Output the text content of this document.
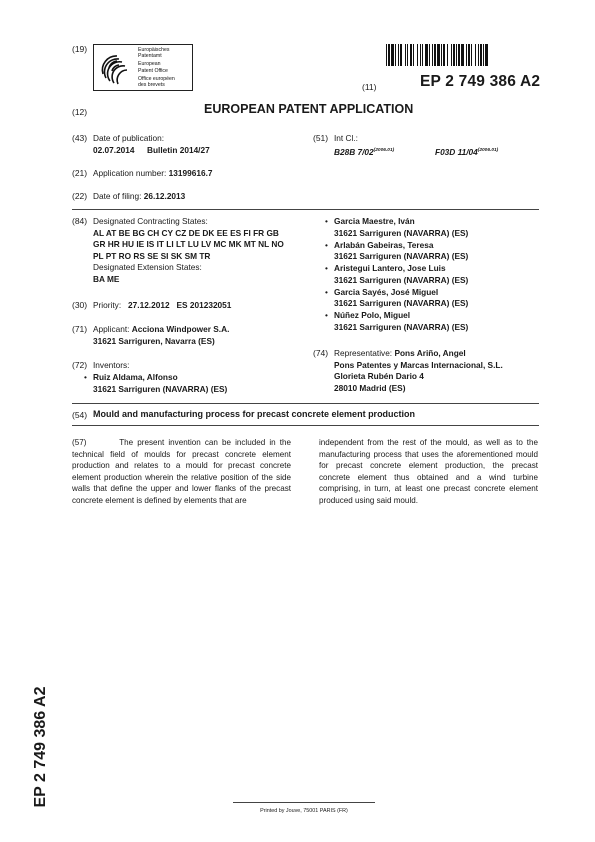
(19)	Europäisches
Patentamt
European
Patent Office
Office européen
des brevets	(11)	EP 2 749 386 A2
(12)	EUROPEAN PATENT APPLICATION
(43) Date of publication:
02.07.2014 Bulletin 2014/27
(51) Int Cl.:
B28B $7/02^{(2006.01)}$	F03D $11/04^{(2006.01)}$
(21) Application number: 13199616.7
(22) Date of filing: 26.12.2013
(84) Designated Contracting States:
AL AT BE BG CH CY CZ DE DK EE ES FI FR GB
GR HR HU IE IS IT LI LT LU LV MC MK MT NL NO
PL PT RO RS SE SI SK SM TR
Designated Extension States:
BA ME
(30) Priority: 27.12.2012 ES 201232051
(71) Applicant: Acciona Windpower S.A.
31621 Sarriguren, Navarra (ES)
(72) Inventors:
• Ruiz Aldama, Alfonso
31621 Sarriguren (NAVARRA) (ES)
• Garcia Maestre, Iván
31621 Sarriguren (NAVARRA) (ES)
• Arlabán Gabeiras, Teresa
31621 Sarriguren (NAVARRA) (ES)
• Aristegui Lantero, Jose Luis
31621 Sarriguren (NAVARRA) (ES)
• Garcia Sayés, José Miguel
31621 Sarriguren (NAVARRA) (ES)
• Núñez Polo, Miguel
31621 Sarriguren (NAVARRA) (ES)
(74) Representative: Pons Ariño, Angel
Pons Patentes y Marcas Internacional, S.L.
Glorieta Rubén Dario 4
28010 Madrid (ES)
(54) Mould and manufacturing process for precast concrete element production
(57)	The present invention can be included in the technical field of moulds for precast concrete element production and relates to a mould for precast concrete element production wherein the relative position of the side walls that define the upper and lower flanks of the precast concrete element is defined by elements that are
independent from the rest of the mould, as well as to the manufacturing process that uses the aforementioned mould for precast concrete element production, the precast concrete element thus obtained and a wind turbine comprising, in turn, at least one precast concrete element produced using said mould.
EP 2 749 386 A2
Printed by Jouve, 75001 PARIS (FR)
